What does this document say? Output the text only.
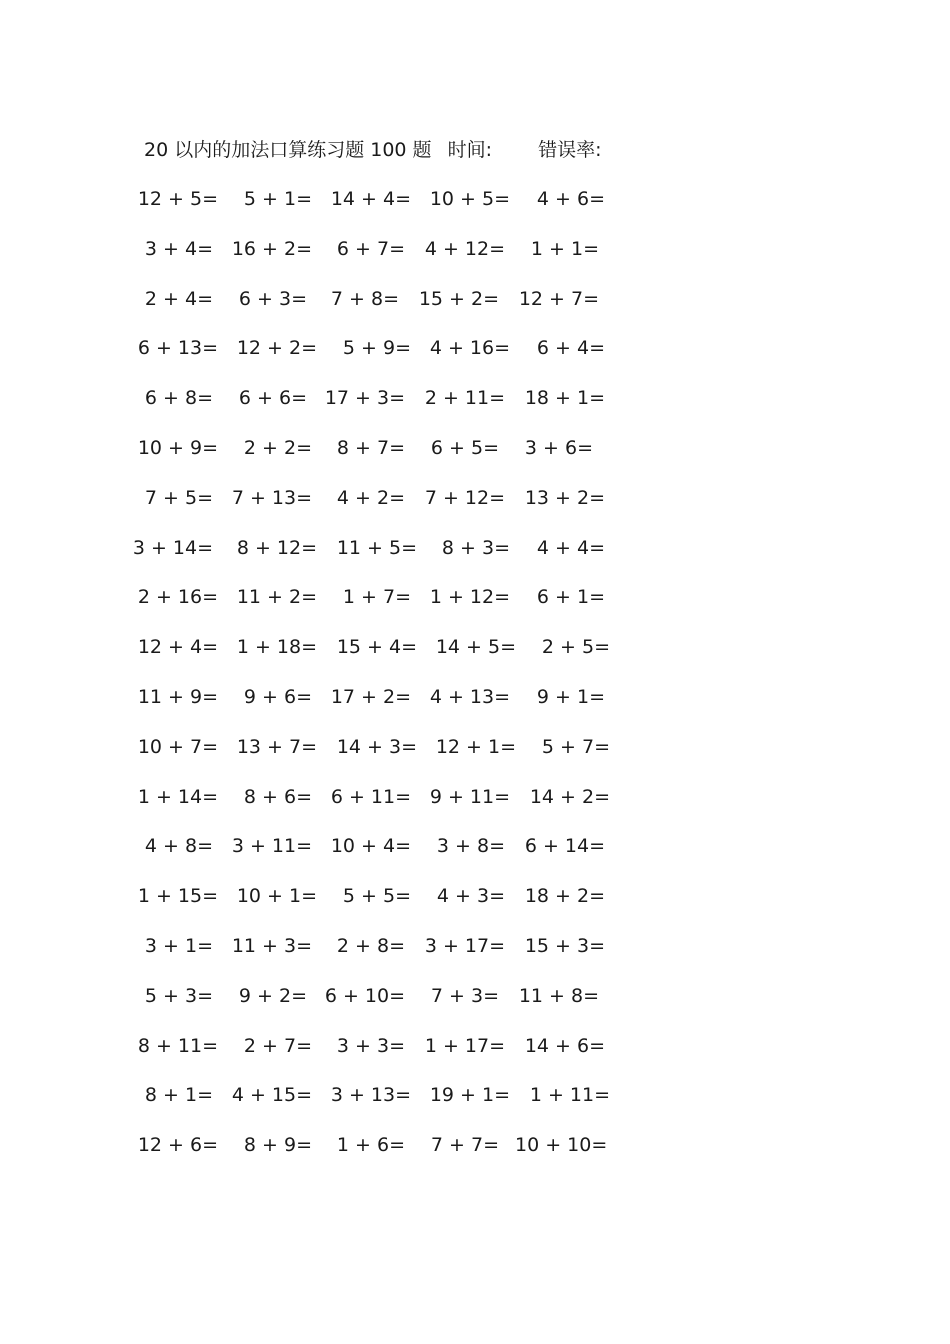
20 以内的加法口算练习题 100 题 时间: 错误率:
12 + 5=	5 + 1= 14 + 4= 10 + 5=	4 + 6=
3 + 4= 16 + 2=	6 + 7=	4 + 12=	1 + 1=
2 + 4=	6 + 3=	7 + 8=	15 + 2=	12 + 7=
6 + 13= 12 + 2=	5 + 9= 4 + 16=	6 + 4=
6 + 8=	6 + 6= 17 + 3=	2 + 11=	18 + 1=
10 + 9=	2 + 2=	8 + 7=	6 + 5=	3 + 6=
7 + 5= 7 + 13=	4 + 2=	7 + 12=	13 + 2=
3 + 14=	8 + 12=	11 + 5=	8 + 3=	4 + 4=
2 + 16= 11 + 2=	1 + 7= 1 + 12=	6 + 1=
12 + 4= 1 + 18=	15 + 4= 14 + 5=	2 + 5=
11 + 9=	9 + 6= 17 + 2= 4 + 13=	9 + 1=
10 + 7= 13 + 7=	14 + 3= 12 + 1=	5 + 7=
1 + 14=	8 + 6= 6 + 11= 9 + 11=	14 + 2=
4 + 8= 3 + 11= 10 + 4=	3 + 8=	6 + 14=
1 + 15= 10 + 1=	5 + 5=	4 + 3=	18 + 2=
3 + 1= 11 + 3=	2 + 8=	3 + 17=	15 + 3=
5 + 3=	9 + 2= 6 + 10=	7 + 3=	11 + 8=
8 + 11=	2 + 7=	3 + 3=	1 + 17=	14 + 6=
8 + 1= 4 + 15= 3 + 13= 19 + 1=	1 + 11=
12 + 6=	8 + 9=	1 + 6=	7 + 7= 10 + 10=
